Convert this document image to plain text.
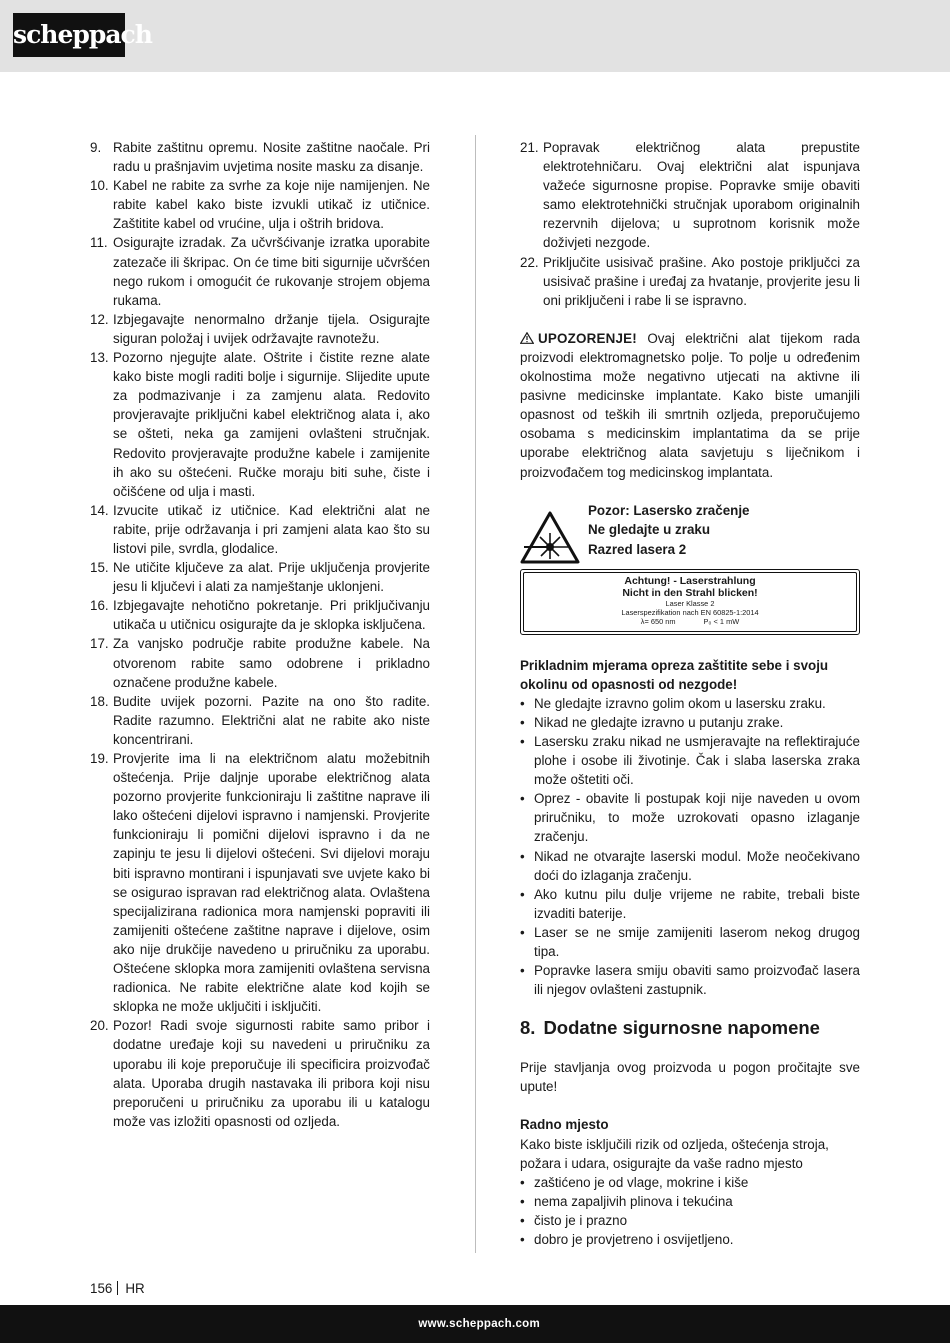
scheppach
9. Rabite zaštitnu opremu. Nosite zaštitne naočale. Pri radu u prašnjavim uvjetima nosite masku za disanje.
10. Kabel ne rabite za svrhe za koje nije namijenjen. Ne rabite kabel kako biste izvukli utikač iz utičnice. Zaštitite kabel od vrućine, ulja i oštrih bridova.
11. Osigurajte izradak. Za učvršćivanje izratka uporabite zatezače ili škripac. On će time biti sigurnije učvršćen nego rukom i omogućit će rukovanje strojem objema rukama.
12. Izbjegavajte nenormalno držanje tijela. Osigurajte siguran položaj i uvijek održavajte ravnotežu.
13. Pozorno njegujte alate. Oštrite i čistite rezne alate kako biste mogli raditi bolje i sigurnije. Slijedite upute za podmazivanje i za zamjenu alata. Redovito provjeravajte priključni kabel električnog alata i, ako se ošteti, neka ga zamijeni ovlašteni stručnjak. Redovito provjeravajte produžne kabele i zamijenite ih ako su oštećeni. Ručke moraju biti suhe, čiste i očišćene od ulja i masti.
14. Izvucite utikač iz utičnice. Kad električni alat ne rabite, prije održavanja i pri zamjeni alata kao što su listovi pile, svrdla, glodalice.
15. Ne utičite ključeve za alat. Prije uključenja provjerite jesu li ključevi i alati za namještanje uklonjeni.
16. Izbjegavajte nehotično pokretanje. Pri priključivanju utikača u utičnicu osigurajte da je sklopka isključena.
17. Za vanjsko područje rabite produžne kabele. Na otvorenom rabite samo odobrene i prikladno označene produžne kabele.
18. Budite uvijek pozorni. Pazite na ono što radite. Radite razumno. Električni alat ne rabite ako niste koncentrirani.
19. Provjerite ima li na električnom alatu možebitnih oštećenja. Prije daljnje uporabe električnog alata pozorno provjerite funkcioniraju li zaštitne naprave ili lako oštećeni dijelovi ispravno i namjenski. Provjerite funkcioniraju li pomični dijelovi ispravno i da ne zapinju te jesu li dijelovi oštećeni. Svi dijelovi moraju biti ispravno montirani i ispunjavati sve uvjete kako bi se osigurao ispravan rad električnog alata. Ovlaštena specijalizirana radionica mora namjenski popraviti ili zamijeniti oštećene zaštitne naprave i dijelove, osim ako nije drukčije navedeno u priručniku za uporabu. Oštećene sklopka mora zamijeniti ovlaštena servisna radionica. Ne rabite električne alate kod kojih se sklopka ne može uključiti i isključiti.
20. Pozor! Radi svoje sigurnosti rabite samo pribor i dodatne uređaje koji su navedeni u priručniku za uporabu ili koje preporučuje ili specificira proizvođač alata. Uporaba drugih nastavaka ili pribora koji nisu preporučeni u priručniku za uporabu ili u katalogu može vas izložiti opasnosti od ozljeda.
21. Popravak električnog alata prepustite elektrotehničaru. Ovaj električni alat ispunjava važeće sigurnosne propise. Popravke smije obaviti samo elektrotehnički stručnjak uporabom originalnih rezervnih dijelova; u suprotnom korisnik može doživjeti nezgode.
22. Priključite usisivač prašine. Ako postoje priključci za usisivač prašine i uređaj za hvatanje, provjerite jesu li oni priključeni i rabe li se ispravno.

UPOZORENJE! Ovaj električni alat tijekom rada proizvodi elektromagnetsko polje. To polje u određenim okolnostima može negativno utjecati na aktivne ili pasivne medicinske implantate. Kako biste umanjili opasnost od teških ili smrtnih ozljeda, preporučujemo osobama s medicinskim implantatima da se prije uporabe električnog alata savjetuju s liječnikom i proizvođačem tog medicinskog implantata.

Pozor: Lasersko zračenje
Ne gledajte u zraku
Razred lasera 2
Achtung! - Laserstrahlung
Nicht in den Strahl blicken!
Laser Klasse 2
Laserspezifikation nach EN 60825-1:2014
λ= 650 nm	P₀ < 1 mW

Prikladnim mjerama opreza zaštitite sebe i svoju okolinu od opasnosti od nezgode!

• Ne gledajte izravno golim okom u lasersku zraku.
• Nikad ne gledajte izravno u putanju zrake.
• Lasersku zraku nikad ne usmjeravajte na reflektirajuće plohe i osobe ili životinje. Čak i slaba laserska zraka može oštetiti oči.
• Oprez - obavite li postupak koji nije naveden u ovom priručniku, to može uzrokovati opasno izlaganje zračenju.
• Nikad ne otvarajte laserski modul. Može neočekivano doći do izlaganja zračenju.
• Ako kutnu pilu dulje vrijeme ne rabite, trebali biste izvaditi baterije.
• Laser se ne smije zamijeniti laserom nekog drugog tipa.
• Popravke lasera smiju obaviti samo proizvođač lasera ili njegov ovlašteni zastupnik.
8. Dodatne sigurnosne napomene

Prije stavljanja ovog proizvoda u pogon pročitajte sve upute!

Radno mjesto

Kako biste isključili rizik od ozljeda, oštećenja stroja, požara i udara, osigurajte da vaše radno mjesto

• zaštićeno je od vlage, mokrine i kiše
• nema zapaljivih plinova i tekućina
• čisto je i prazno
• dobro je provjetreno i osvijetljeno.
156 HR
www.scheppach.com
